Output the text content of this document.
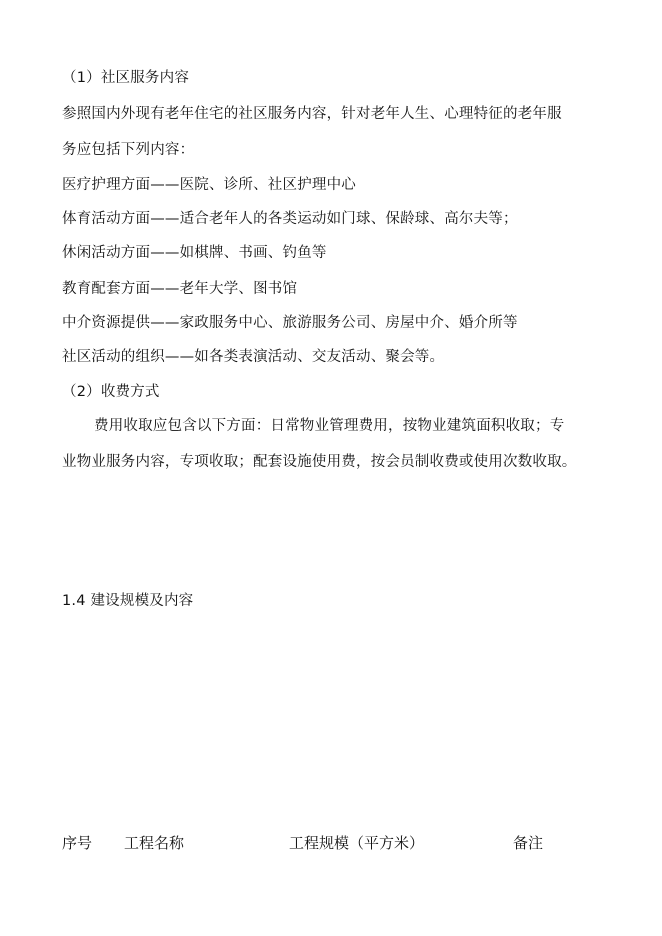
（1）社区服务内容
参照国内外现有老年住宅的社区服务内容，针对老年人生、心理特征的老年服
务应包括下列内容：
医疗护理方面——医院、诊所、社区护理中心
体育活动方面——适合老年人的各类运动如门球、保龄球、高尔夫等；
休闲活动方面——如棋牌、书画、钓鱼等
教育配套方面——老年大学、图书馆
中介资源提供——家政服务中心、旅游服务公司、房屋中介、婚介所等
社区活动的组织——如各类表演活动、交友活动、聚会等。
（2）收费方式
费用收取应包含以下方面：日常物业管理费用，按物业建筑面积收取；专
业物业服务内容，专项收取；配套设施使用费，按会员制收费或使用次数收取。
1.4 建设规模及内容
序号 工程名称	工程规模（平方米）	备注
